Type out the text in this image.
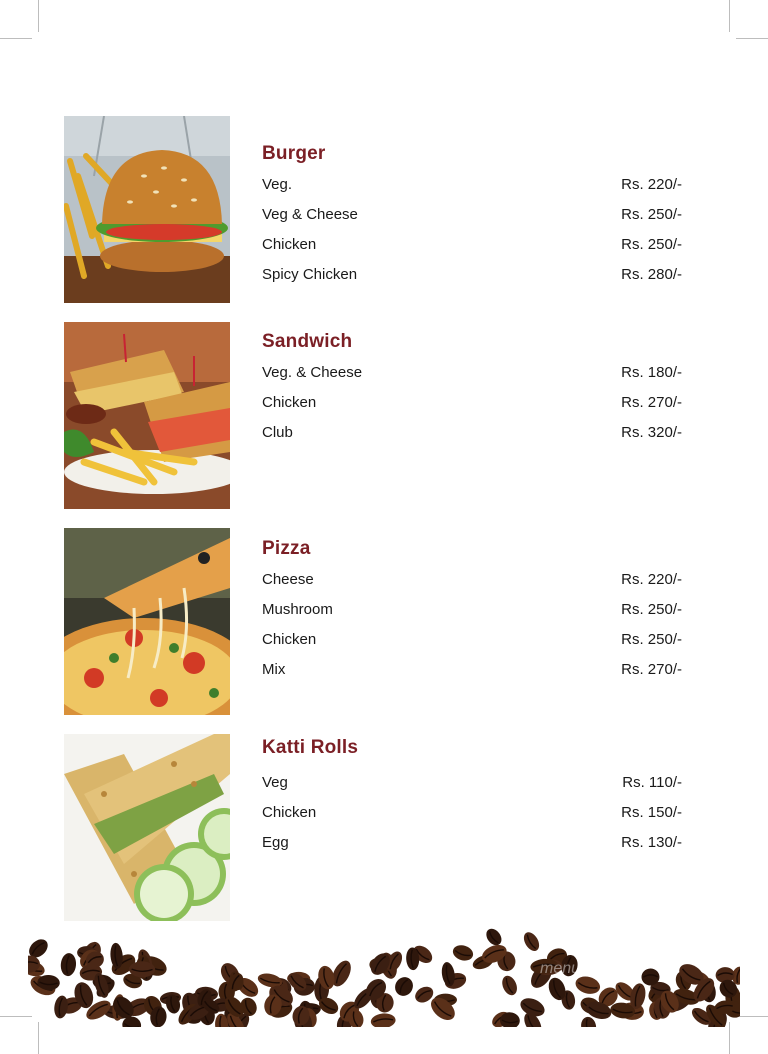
Burger
Veg.	Rs. 220/-
Veg & Cheese	Rs. 250/-
Chicken	Rs. 250/-
Spicy Chicken	Rs. 280/-
Sandwich
Veg. & Cheese	Rs. 180/-
Chicken	Rs. 270/-
Club	Rs. 320/-
Pizza
Cheese	Rs. 220/-
Mushroom	Rs. 250/-
Chicken	Rs. 250/-
Mix	Rs. 270/-
Katti Rolls
Veg	Rs. 110/-
Chicken	Rs. 150/-
Egg	Rs. 130/-
menu
